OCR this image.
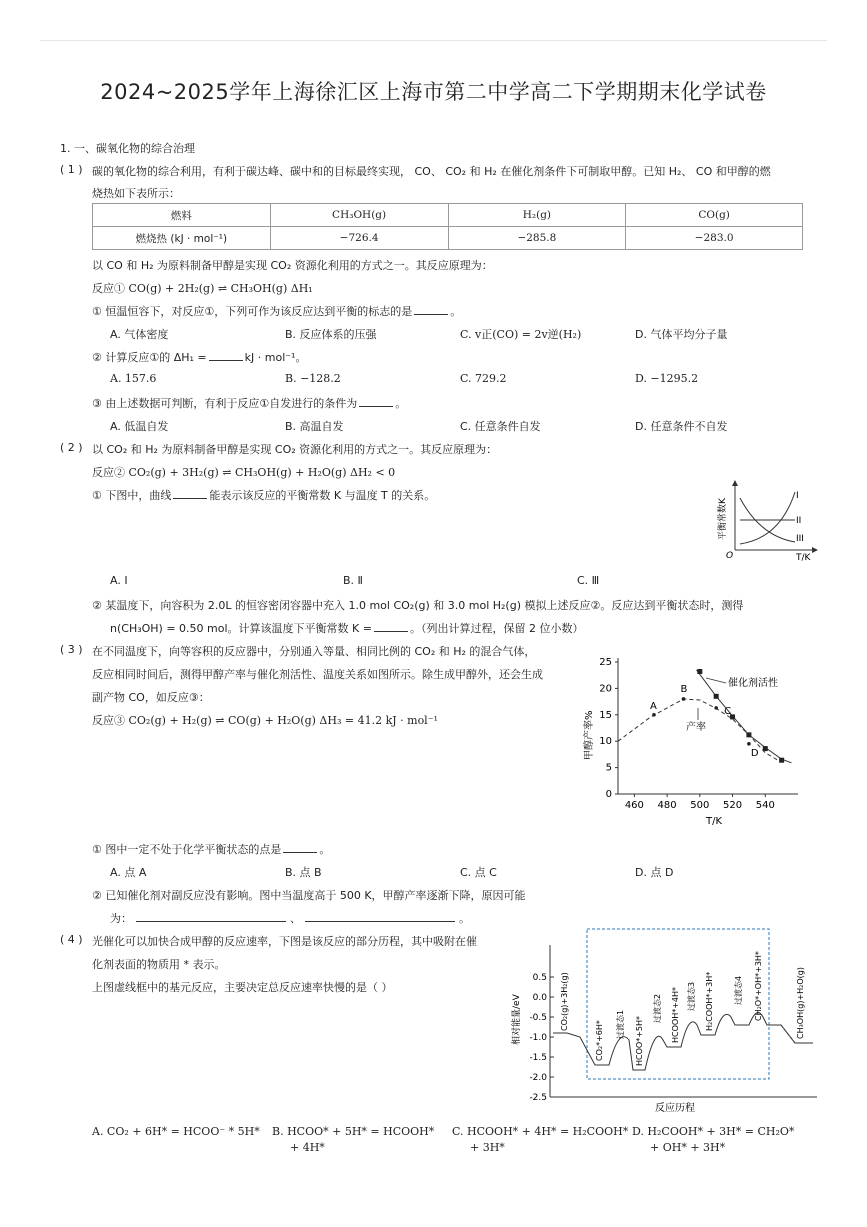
2024~2025学年上海徐汇区上海市第二中学高二下学期期末化学试卷
1. 一、碳氧化物的综合治理
( 1 ) 碳的氧化物的综合利用，有利于碳达峰、碳中和的目标最终实现， CO、 CO₂ 和 H₂ 在催化剂条件下可制取甲醇。已知 H₂、 CO 和甲醇的燃
烧热如下表所示：
燃料	CH₃OH(g)	H₂(g)	CO(g)
燃烧热 (kJ · mol⁻¹)	−726.4	−285.8	−283.0
以 CO 和 H₂ 为原料制备甲醇是实现 CO₂ 资源化利用的方式之一。其反应原理为：
反应① CO(g) + 2H₂(g) ⇌ CH₃OH(g) ΔH₁
① 恒温恒容下，对反应①，下列可作为该反应达到平衡的标志的是	。
A. 气体密度	B. 反应体系的压强	C. v正(CO) = 2v逆(H₂)	D. 气体平均分子量
② 计算反应①的 ΔH₁ =	kJ · mol⁻¹。
A. 157.6	B. −128.2	C. 729.2	D. −1295.2
③ 由上述数据可判断，有利于反应①自发进行的条件为	。
A. 低温自发	B. 高温自发	C. 任意条件自发	D. 任意条件不自发
( 2 ) 以 CO₂ 和 H₂ 为原料制备甲醇是实现 CO₂ 资源化利用的方式之一。其反应原理为：
反应② CO₂(g) + 3H₂(g) ⇌ CH₃OH(g) + H₂O(g) ΔH₂ < 0
① 下图中，曲线	能表示该反应的平衡常数 K 与温度 T 的关系。	I
II
III
O	T/K
平衡常数K
A. Ⅰ	B. Ⅱ	C. Ⅲ
② 某温度下，向容积为 2.0L 的恒容密闭容器中充入 1.0 mol CO₂(g) 和 3.0 mol H₂(g) 模拟上述反应②。反应达到平衡状态时，测得
n(CH₃OH) = 0.50 mol。计算该温度下平衡常数 K =	。（列出计算过程，保留 2 位小数）
( 3 ) 在不同温度下，向等容积的反应器中，分别通入等量、相同比例的 CO₂ 和 H₂ 的混合气体，
反应相同时间后，测得甲醇产率与催化剂活性、温度关系如图所示。除生成甲醇外，还会生成
副产物 CO，如反应③：
反应③ CO₂(g) + H₂(g) ⇌ CO(g) + H₂O(g) ΔH₃ = 41.2 kJ · mol⁻¹
460 480 500 520 540
0
5
10
15
20
25
A
B
C
D
催化剂活性
产率
T/K
甲醇产率%
① 图中一定不处于化学平衡状态的点是	。
A. 点 A	B. 点 B	C. 点 C	D. 点 D
② 已知催化剂对副反应没有影响。图中当温度高于 500 K，甲醇产率逐渐下降，原因可能
为：	、	。
( 4 ) 光催化可以加快合成甲醇的反应速率，下图是该反应的部分历程，其中吸附在催
化剂表面的物质用 * 表示。
上图虚线框中的基元反应，主要决定总反应速率快慢的是（ ）
0.5
0.0
-0.5
-1.0
-1.5
-2.0
-2.5
相对能量/eV
反应历程
CO₂(g)+3H₂(g)
CO₂*+6H* 过渡态1 HCOO*+5H*
过渡态2 HCOOH*+4H* 过渡态3 H₂COOH*+3H*	过渡态4 CH₂O*+OH*+3H*	CH₃OH(g)+H₂O(g)
A. CO₂ + 6H* = HCOO⁻ * 5H* B. HCOO* + 5H* = HCOOH*
+ 4H*
C. HCOOH* + 4H* = H₂COOH*
+ 3H*
D. H₂COOH* + 3H* = CH₂O*
+ OH* + 3H*
